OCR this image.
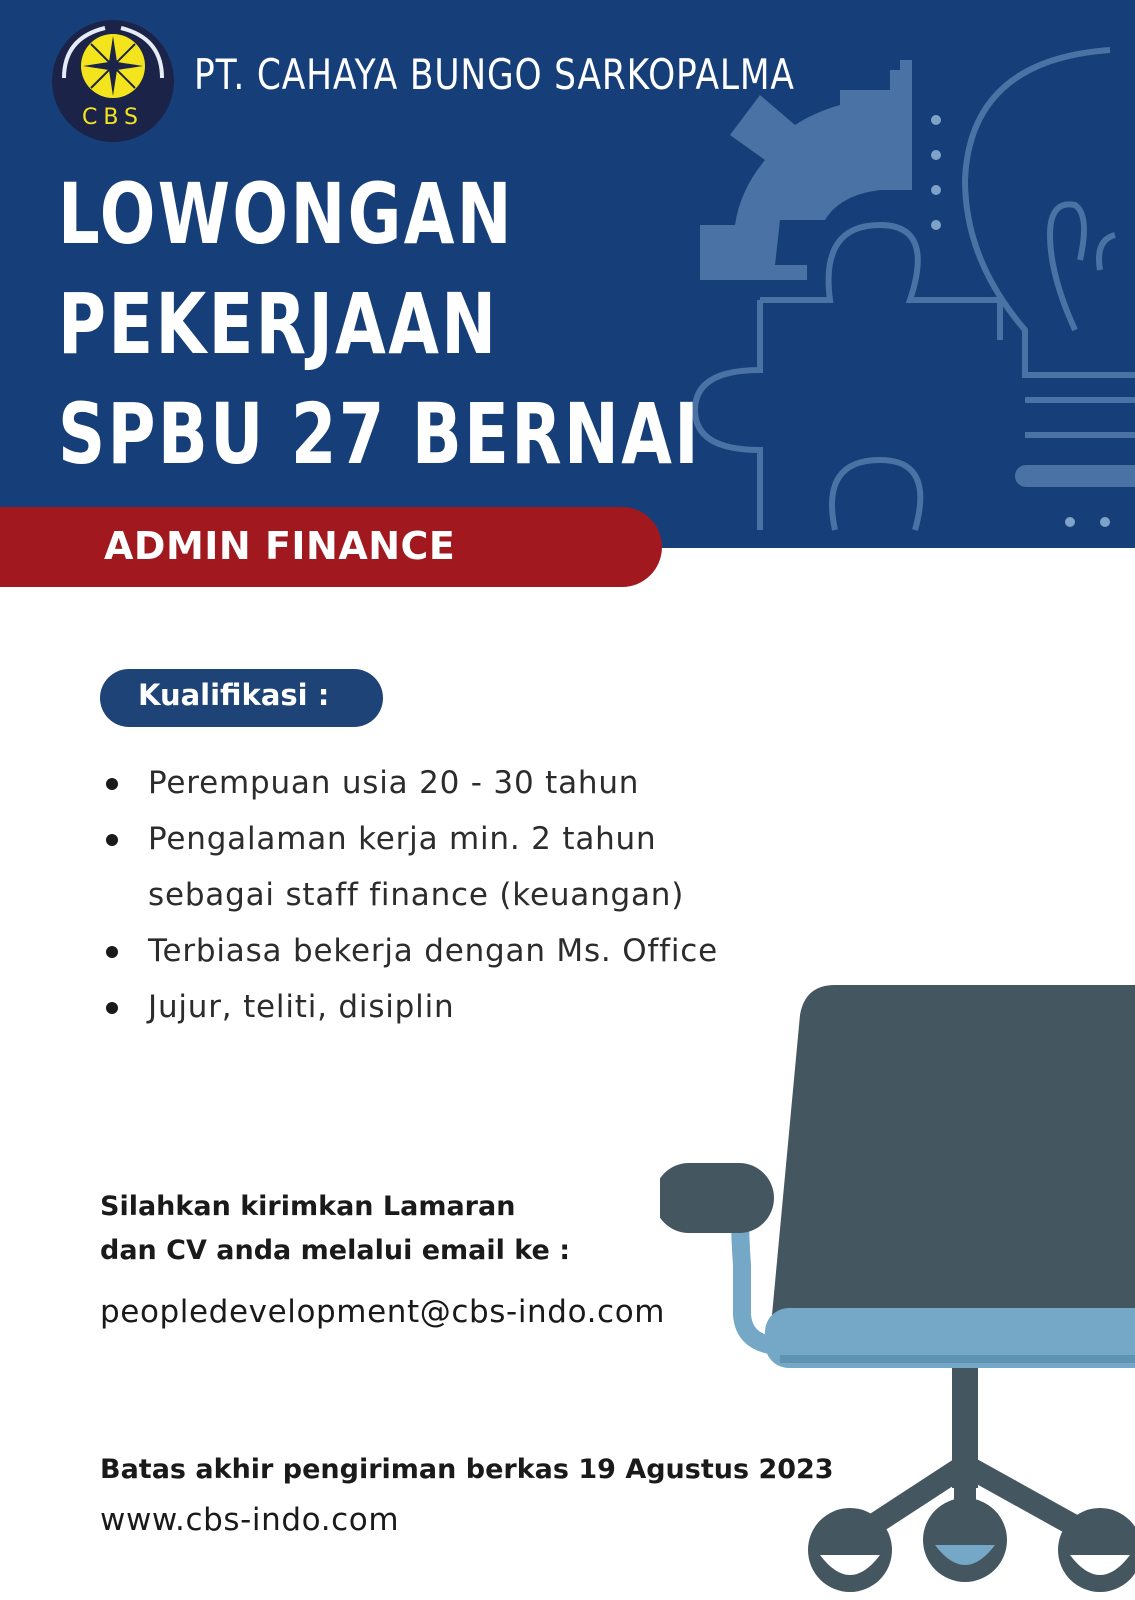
CBS
PT. CAHAYA BUNGO SARKOPALMA
LOWONGAN
PEKERJAAN
SPBU 27 BERNAI
ADMIN FINANCE
Kualifikasi :
Perempuan usia 20 - 30 tahun
Pengalaman kerja min. 2 tahun
sebagai staff finance (keuangan)
Terbiasa bekerja dengan Ms. Office
Jujur, teliti, disiplin
Silahkan kirimkan Lamaran
dan CV anda melalui email ke :
peopledevelopment@cbs-indo.com
Batas akhir pengiriman berkas 19 Agustus 2023
www.cbs-indo.com
